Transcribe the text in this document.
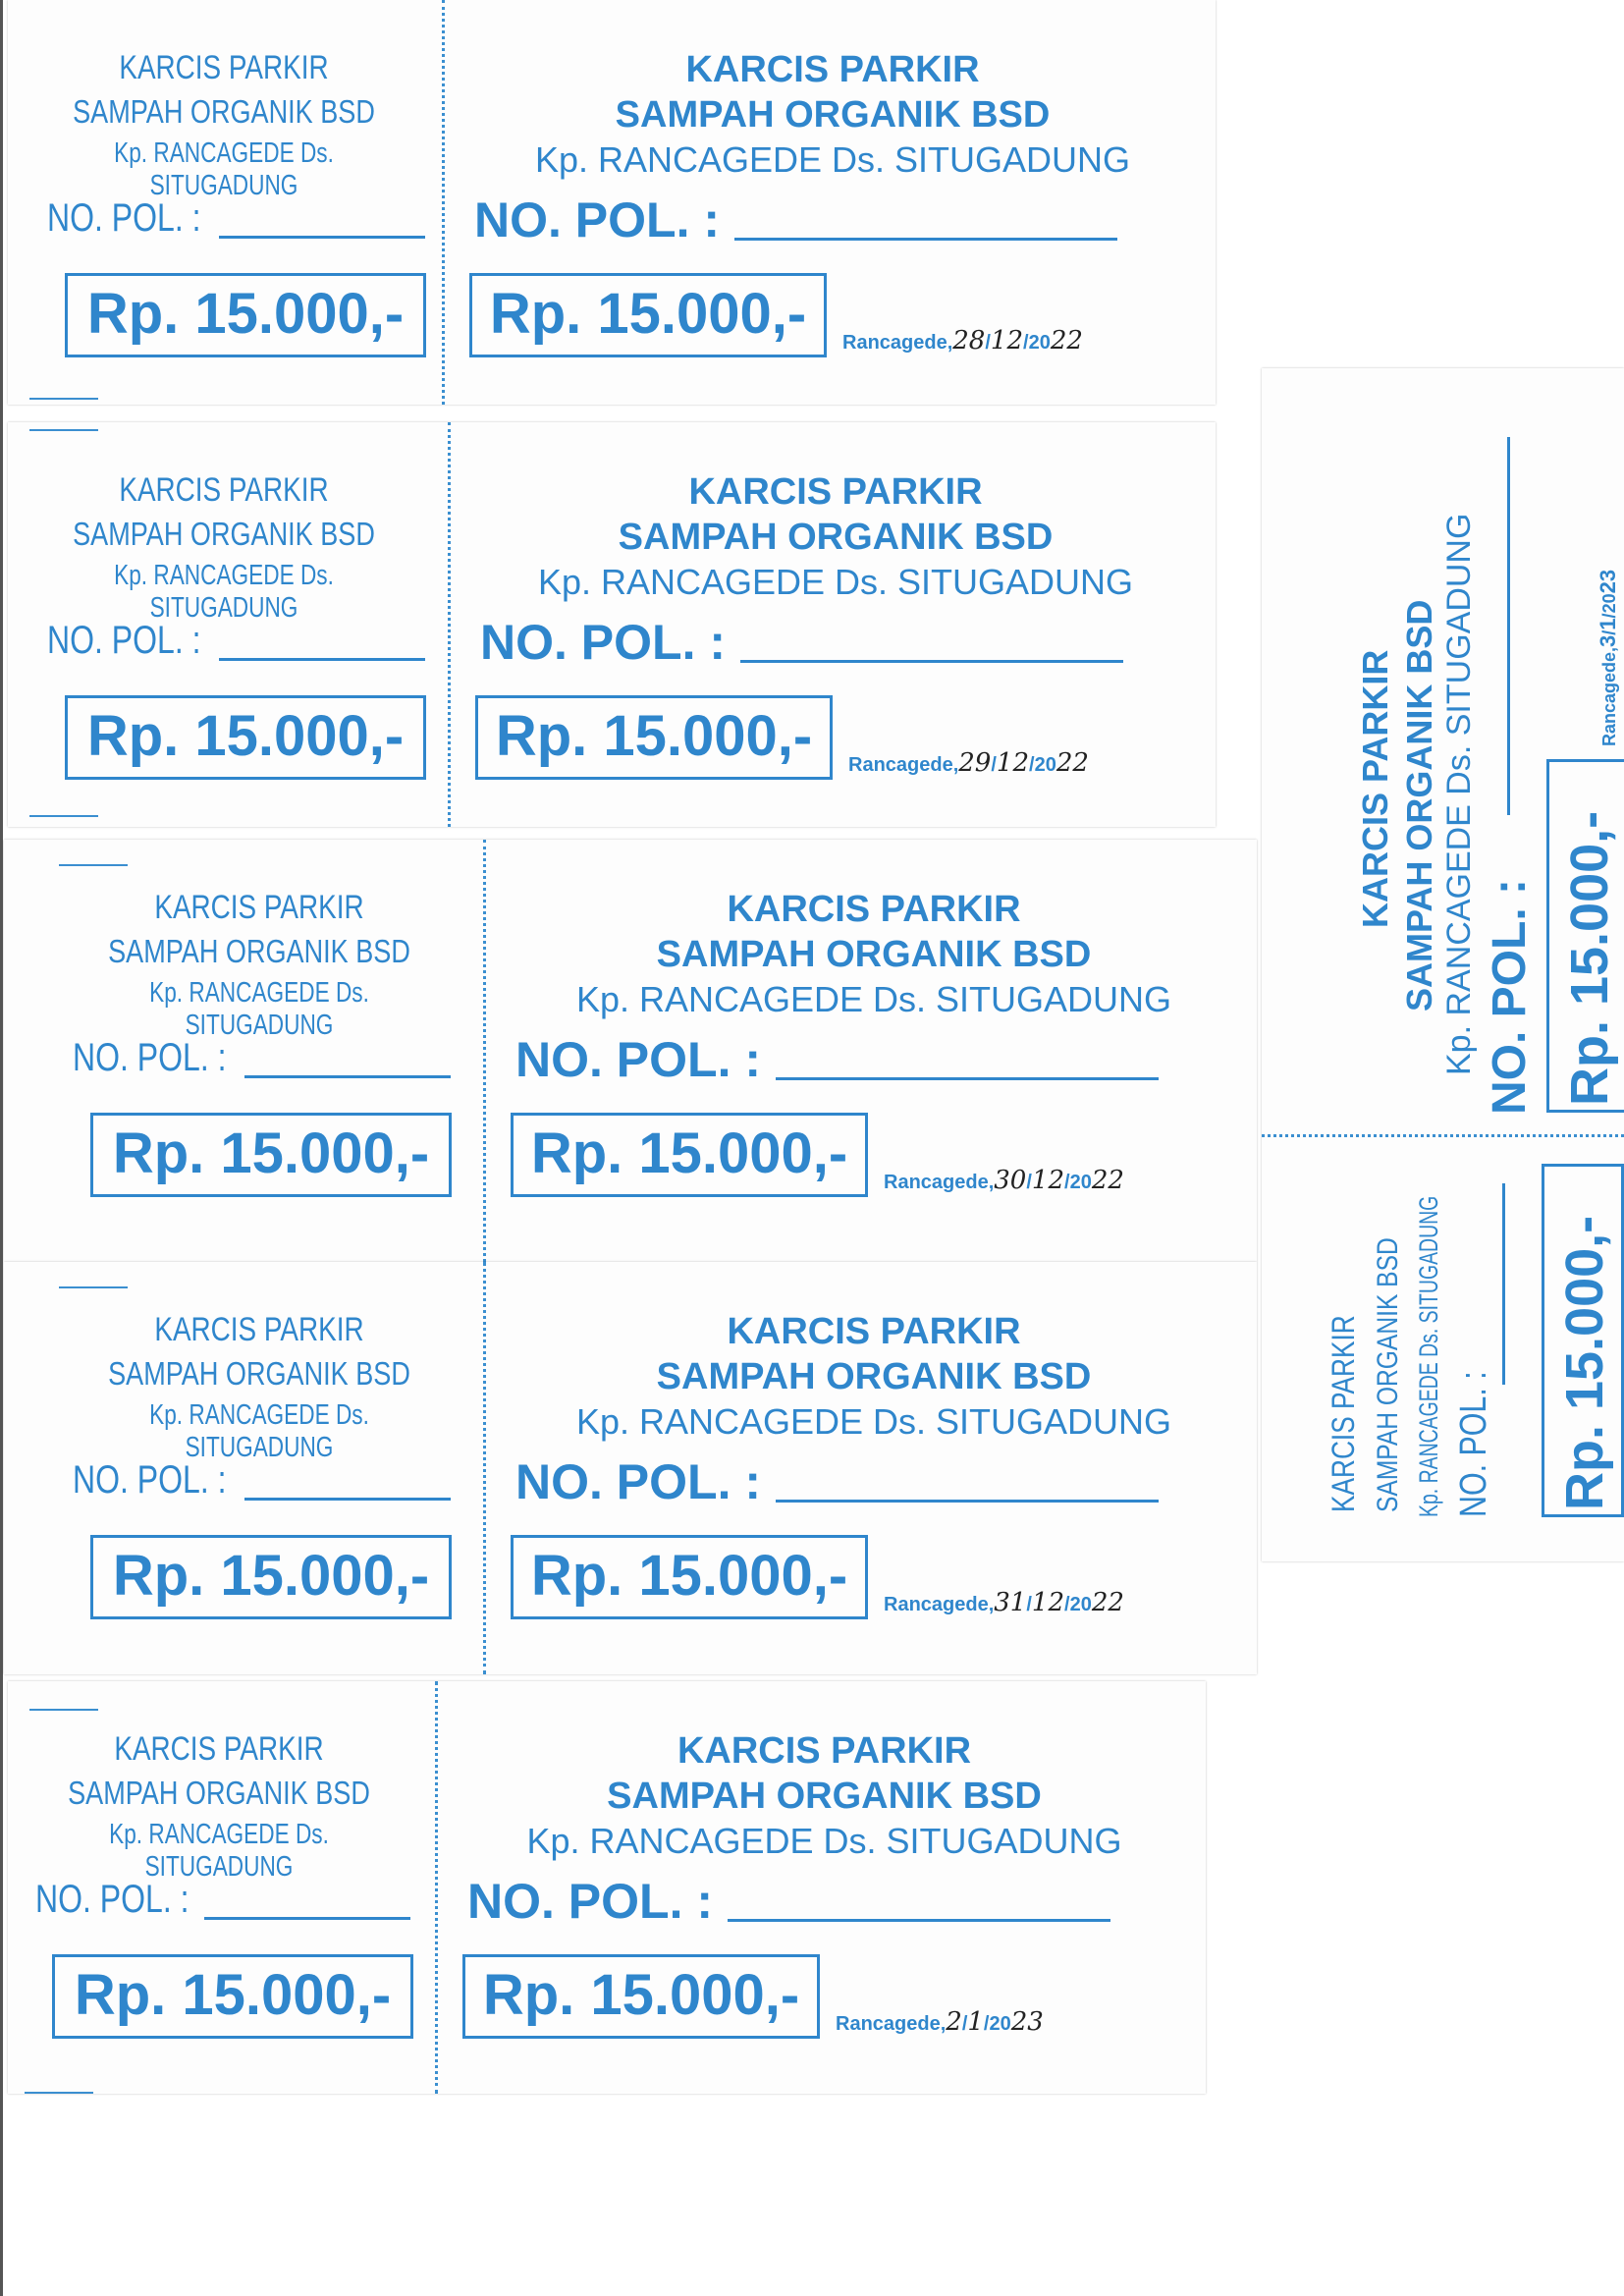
KARCIS PARKIR
SAMPAH ORGANIK BSD
Kp. RANCAGEDE Ds. SITUGADUNG
NO. POL. :
Rp. 15.000,-
KARCIS PARKIR
SAMPAH ORGANIK BSD
Kp. RANCAGEDE Ds. SITUGADUNG
NO. POL. :
Rp. 15.000,-	Rancagede,28/12/2022
KARCIS PARKIR
SAMPAH ORGANIK BSD
Kp. RANCAGEDE Ds. SITUGADUNG
NO. POL. :
Rp. 15.000,-
KARCIS PARKIR
SAMPAH ORGANIK BSD
Kp. RANCAGEDE Ds. SITUGADUNG
NO. POL. :
Rp. 15.000,-	Rancagede,29/12/2022
KARCIS PARKIR
SAMPAH ORGANIK BSD
Kp. RANCAGEDE Ds. SITUGADUNG
NO. POL. :
Rp. 15.000,-
KARCIS PARKIR
SAMPAH ORGANIK BSD
Kp. RANCAGEDE Ds. SITUGADUNG
NO. POL. :
Rp. 15.000,-	Rancagede,30/12/2022
KARCIS PARKIR
SAMPAH ORGANIK BSD
Kp. RANCAGEDE Ds. SITUGADUNG
NO. POL. :
Rp. 15.000,-
KARCIS PARKIR
SAMPAH ORGANIK BSD
Kp. RANCAGEDE Ds. SITUGADUNG
NO. POL. :
Rp. 15.000,-	Rancagede,31/12/2022
KARCIS PARKIR
SAMPAH ORGANIK BSD
Kp. RANCAGEDE Ds. SITUGADUNG
NO. POL. :
Rp. 15.000,-
KARCIS PARKIR
SAMPAH ORGANIK BSD
Kp. RANCAGEDE Ds. SITUGADUNG
NO. POL. :
Rp. 15.000,-	Rancagede,2/1/2023
KARCIS PARKIR SAMPAH ORGANIK BSD Kp. RANCAGEDE Ds. SITUGADUNG NO. POL. : Rp. 15.000,-
Rancagede,3/1/2023
KARCIS PARKIR SAMPAH ORGANIK BSD Kp. RANCAGEDE Ds. SITUGADUNG NO. POL. : Rp. 15.000,-
